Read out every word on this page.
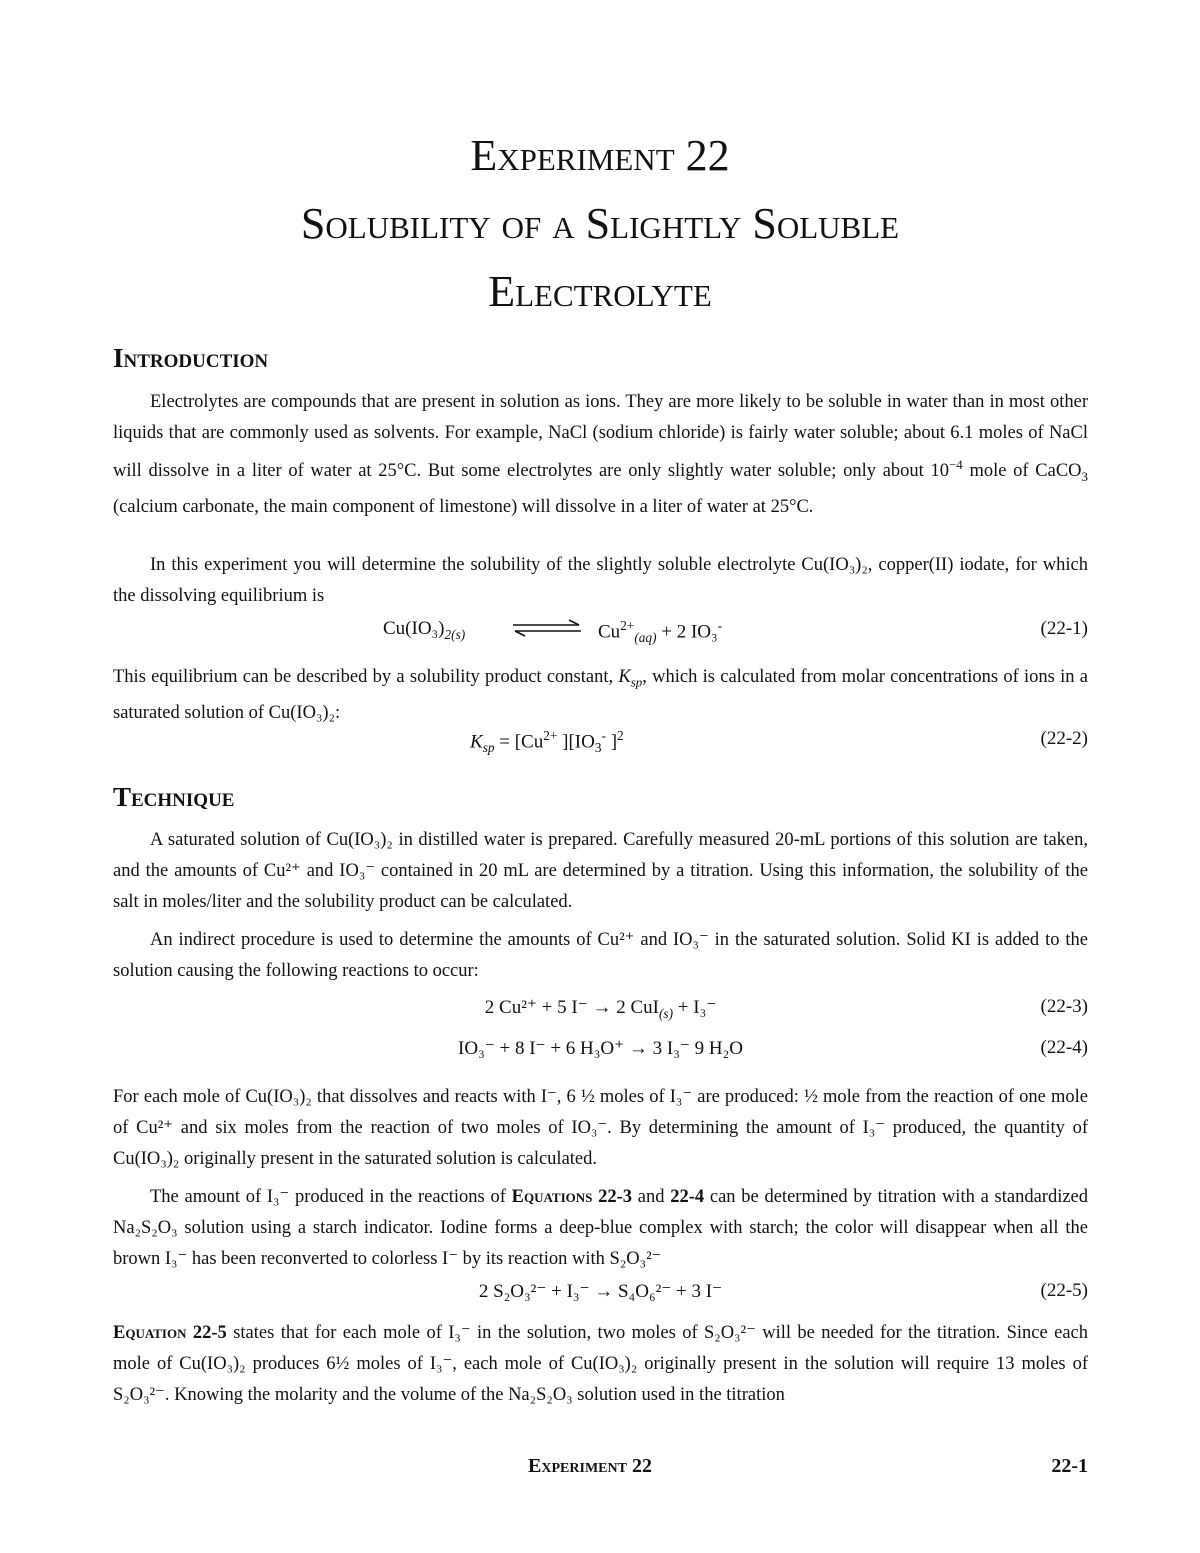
Experiment 22
Solubility of a Slightly Soluble
Electrolyte
Introduction
Electrolytes are compounds that are present in solution as ions. They are more likely to be soluble in water than in most other liquids that are commonly used as solvents. For example, NaCl (sodium chloride) is fairly water soluble; about 6.1 moles of NaCl will dissolve in a liter of water at 25°C. But some electrolytes are only slightly water soluble; only about $10^{-4}$ mole of CaCO$_3$ (calcium carbonate, the main component of limestone) will dissolve in a liter of water at 25°C.
In this experiment you will determine the solubility of the slightly soluble electrolyte Cu(IO₃)₂, copper(II) iodate, for which the dissolving equilibrium is
$Cu(IO_3)_{2(s)}$	$Cu^{2+}_{(aq)} + 2$ IO₃-	(22-1)
This equilibrium can be described by a solubility product constant, $K_{sp}$, which is calculated from molar concentrations of ions in a saturated solution of Cu(IO₃)₂:
$K_{sp} = [Cu^{2+}$ ][$IO_3^-$ ]$^2$	(22-2)
Technique
A saturated solution of Cu(IO₃)₂ in distilled water is prepared. Carefully measured 20-mL portions of this solution are taken, and the amounts of Cu²⁺ and IO₃⁻ contained in 20 mL are determined by a titration. Using this information, the solubility of the salt in moles/liter and the solubility product can be calculated.
An indirect procedure is used to determine the amounts of Cu²⁺ and IO₃⁻ in the saturated solution. Solid KI is added to the solution causing the following reactions to occur:
2 Cu²⁺ + 5 I⁻ → 2 CuI$_{(s)}$ + I₃⁻	(22-3)
IO₃⁻ + 8 I⁻ + 6 H₃O⁺ → 3 I₃⁻ 9 H₂O	(22-4)
For each mole of Cu(IO₃)₂ that dissolves and reacts with I⁻, 6 ½ moles of I₃⁻ are produced: ½ mole from the reaction of one mole of Cu²⁺ and six moles from the reaction of two moles of IO₃⁻. By determining the amount of I₃⁻ produced, the quantity of Cu(IO₃)₂ originally present in the saturated solution is calculated.
The amount of I₃⁻ produced in the reactions of Equations 22-3 and 22-4 can be determined by titration with a standardized Na₂S₂O₃ solution using a starch indicator. Iodine forms a deep-blue complex with starch; the color will disappear when all the brown I₃⁻ has been reconverted to colorless I⁻ by its reaction with S₂O₃²⁻
2 S₂O₃²⁻ + I₃⁻ → S₄O₆²⁻ + 3 I⁻	(22-5)
Equation 22-5 states that for each mole of I₃⁻ in the solution, two moles of S₂O₃²⁻ will be needed for the titration. Since each mole of Cu(IO₃)₂ produces 6½ moles of I₃⁻, each mole of Cu(IO₃)₂ originally present in the solution will require 13 moles of S₂O₃²⁻. Knowing the molarity and the volume of the Na₂S₂O₃ solution used in the titration
Experiment 22	22-1
